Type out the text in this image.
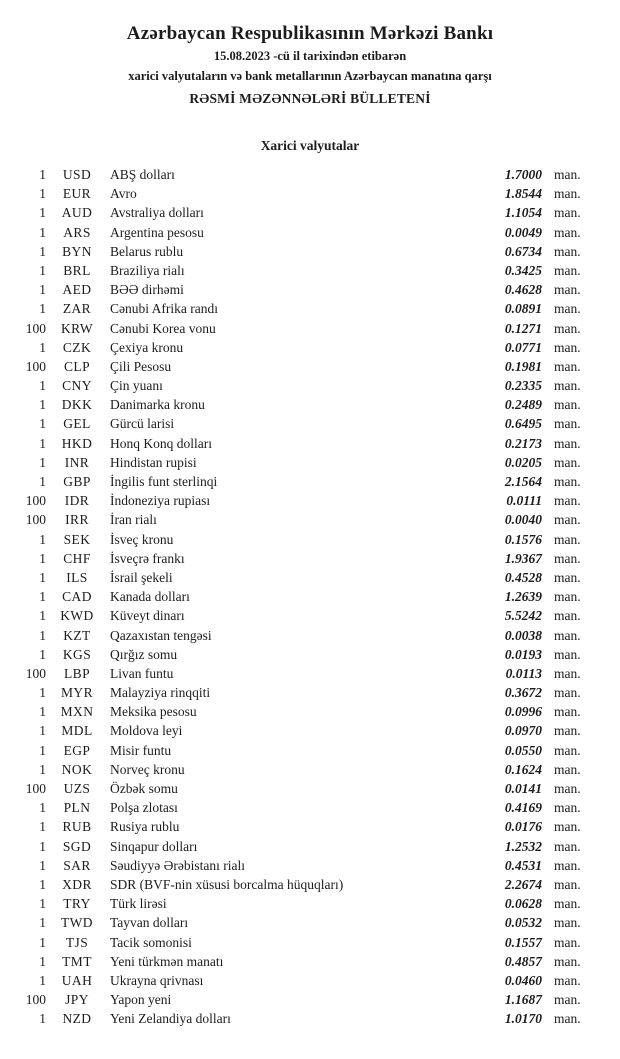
Azərbaycan Respublikasının Mərkəzi Bankı
15.08.2023 -cü il tarixindən etibarən
xarici valyutaların və bank metallarının Azərbaycan manatına qarşı
RƏSMİ MƏZƏNNƏLƏRİ BÜLLETENİ
Xarici valyutalar
1	USD	ABŞ dolları	1.7000 man.
1	EUR	Avro	1.8544 man.
1	AUD	Avstraliya dolları	1.1054 man.
1	ARS	Argentina pesosu	0.0049 man.
1	BYN	Belarus rublu	0.6734 man.
1	BRL	Braziliya rialı	0.3425 man.
1	AED	BƏƏ dirhəmi	0.4628 man.
1	ZAR	Cənubi Afrika randı	0.0891 man.
100	KRW	Cənubi Korea vonu	0.1271 man.
1	CZK	Çexiya kronu	0.0771 man.
100	CLP	Çili Pesosu	0.1981 man.
1	CNY	Çin yuanı	0.2335 man.
1	DKK	Danimarka kronu	0.2489 man.
1	GEL	Gürcü larisi	0.6495 man.
1	HKD	Honq Konq dolları	0.2173 man.
1	INR	Hindistan rupisi	0.0205 man.
1	GBP	İngilis funt sterlinqi	2.1564 man.
100	IDR	İndoneziya rupiası	0.0111 man.
100	IRR	İran rialı	0.0040 man.
1	SEK	İsveç kronu	0.1576 man.
1	CHF	İsveçrə frankı	1.9367 man.
1	ILS	İsrail şekeli	0.4528 man.
1	CAD	Kanada dolları	1.2639 man.
1	KWD	Küveyt dinarı	5.5242 man.
1	KZT	Qazaxıstan tengəsi	0.0038 man.
1	KGS	Qırğız somu	0.0193 man.
100	LBP	Livan funtu	0.0113 man.
1	MYR	Malayziya rinqqiti	0.3672 man.
1	MXN	Meksika pesosu	0.0996 man.
1	MDL	Moldova leyi	0.0970 man.
1	EGP	Misir funtu	0.0550 man.
1	NOK	Norveç kronu	0.1624 man.
100	UZS	Özbək somu	0.0141 man.
1	PLN	Polşa zlotası	0.4169 man.
1	RUB	Rusiya rublu	0.0176 man.
1	SGD	Sinqapur dolları	1.2532 man.
1	SAR	Səudiyyə Ərəbistanı rialı	0.4531 man.
1	XDR	SDR (BVF-nin xüsusi borcalma hüquqları)	2.2674 man.
1	TRY	Türk lirəsi	0.0628 man.
1	TWD	Tayvan dolları	0.0532 man.
1	TJS	Tacik somonisi	0.1557 man.
1	TMT	Yeni türkmən manatı	0.4857 man.
1	UAH	Ukrayna qrivnası	0.0460 man.
100	JPY	Yapon yeni	1.1687 man.
1	NZD	Yeni Zelandiya dolları	1.0170 man.
